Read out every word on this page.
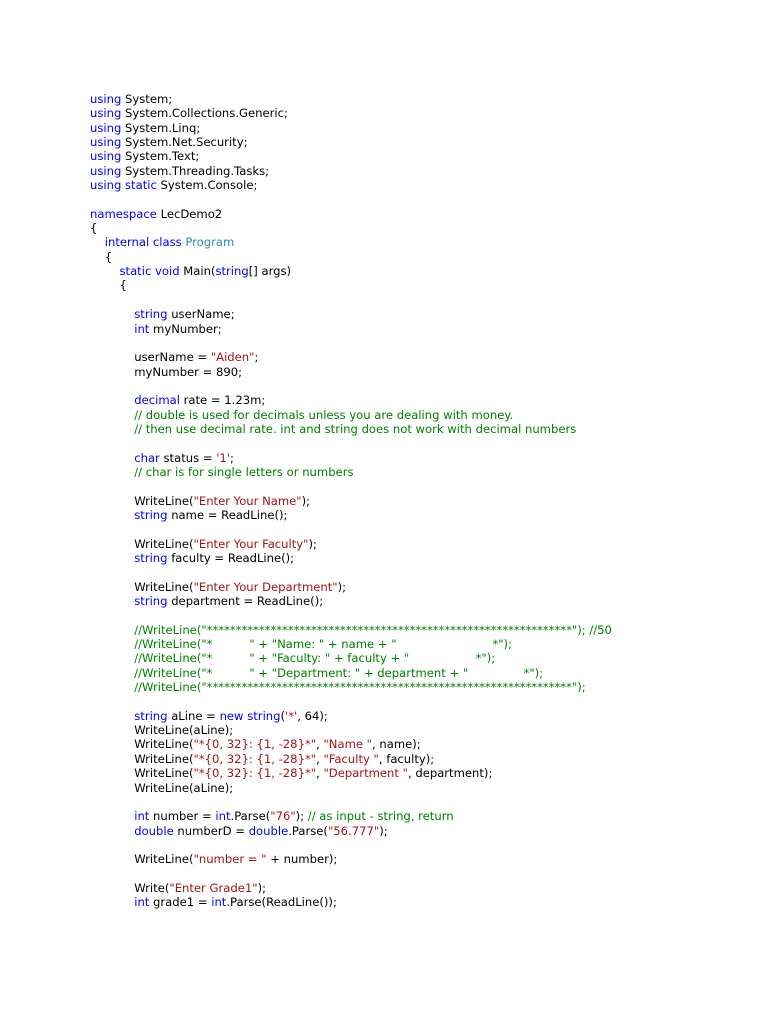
using System;
using System.Collections.Generic;
using System.Linq;
using System.Net.Security;
using System.Text;
using System.Threading.Tasks;
using static System.Console;
namespace LecDemo2
{
internal class Program
{
static void Main(string[] args)
{
string userName;
int myNumber;
userName = "Aiden";
myNumber = 890;
decimal rate = 1.23m;
// double is used for decimals unless you are dealing with money.
// then use decimal rate. int and string does not work with decimal numbers
char status = '1';
// char is for single letters or numbers
WriteLine("Enter Your Name");
string name = ReadLine();
WriteLine("Enter Your Faculty");
string faculty = ReadLine();
WriteLine("Enter Your Department");
string department = ReadLine();
//WriteLine("***************************************************************"); //50
//WriteLine("*          " + "Name: " + name + "                          *");
//WriteLine("*          " + "Faculty: " + faculty + "                  *");
//WriteLine("*          " + "Department: " + department + "               *");
//WriteLine("***************************************************************");
string aLine = new string('*', 64);
WriteLine(aLine);
WriteLine("*{0, 32}: {1, -28}*", "Name ", name);
WriteLine("*{0, 32}: {1, -28}*", "Faculty ", faculty);
WriteLine("*{0, 32}: {1, -28}*", "Department ", department);
WriteLine(aLine);
int number = int.Parse("76"); // as input - string, return
double numberD = double.Parse("56.777");
WriteLine("number = " + number);
Write("Enter Grade1");
int grade1 = int.Parse(ReadLine());
